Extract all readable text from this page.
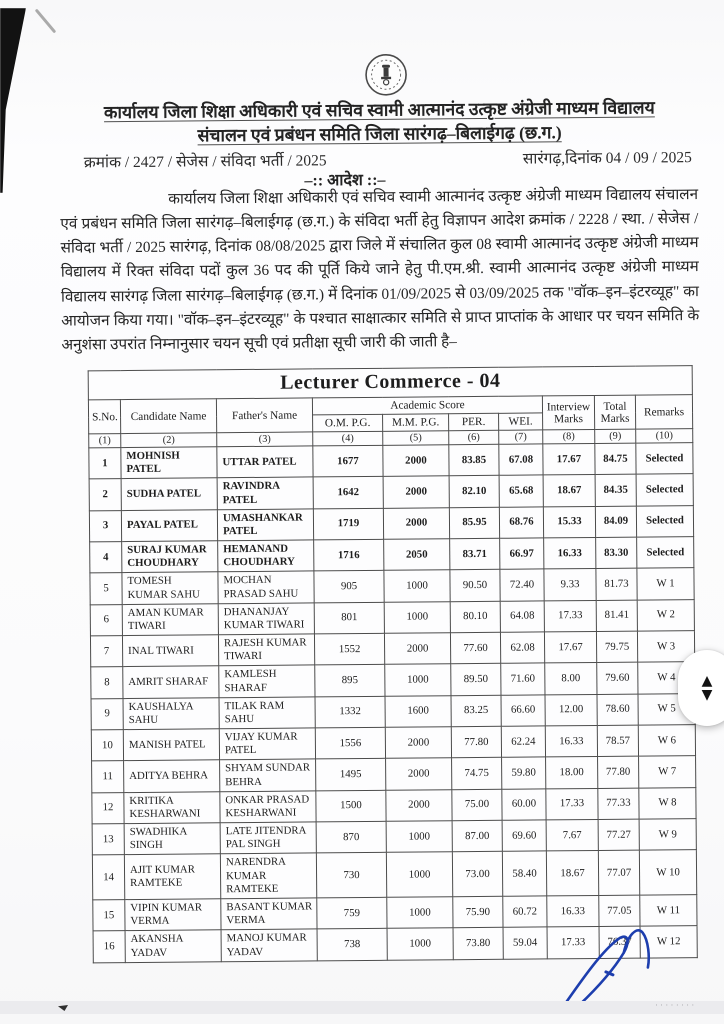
कार्यालय जिला शिक्षा अधिकारी एवं सचिव स्वामी आत्मानंद उत्कृष्ट अंग्रेजी माध्यम विद्यालय
संचालन एवं प्रबंधन समिति जिला सारंगढ़–बिलाईगढ़ (छ.ग.)
क्रमांक / 2427 / सेजेस / संविदा भर्ती / 2025	सारंगढ़,दिनांक 04 / 09 / 2025
–:: आदेश ::–
कार्यालय जिला शिक्षा अधिकारी एवं सचिव स्वामी आत्मानंद उत्कृष्ट अंग्रेजी माध्यम विद्यालय संचालन एवं प्रबंधन समिति जिला सारंगढ़–बिलाईगढ़ (छ.ग.) के संविदा भर्ती हेतु विज्ञापन आदेश क्रमांक / 2228 / स्था. / सेजेस / संविदा भर्ती / 2025 सारंगढ़, दिनांक 08/08/2025 द्वारा जिले में संचालित कुल 08 स्वामी आत्मानंद उत्कृष्ट अंग्रेजी माध्यम विद्यालय में रिक्त संविदा पदों कुल 36 पद की पूर्ति किये जाने हेतु पी.एम.श्री. स्वामी आत्मानंद उत्कृष्ट अंग्रेजी माध्यम विद्यालय सारंगढ़ जिला सारंगढ़–बिलाईगढ़ (छ.ग.) में दिनांक 01/09/2025 से 03/09/2025 तक "वॉक–इन–इंटरव्यूह" का आयोजन किया गया। "वॉक–इन–इंटरव्यूह" के पश्चात साक्षात्कार समिति से प्राप्त प्राप्तांक के आधार पर चयन समिति के अनुशंसा उपरांत निम्नानुसार चयन सूची एवं प्रतीक्षा सूची जारी की जाती है–
Lecturer Commerce - 04									
S.No.	Candidate Name	Father's Name	Academic Score				Interview Marks	Total Marks	Remarks
			O.M. P.G.	M.M. P.G.	PER.	WEI.			
(1)	(2)	(3)	(4)	(5)	(6)	(7)	(8)	(9)	(10)
1	MOHNISH PATEL	UTTAR PATEL	1677	2000	83.85	67.08	17.67	84.75	Selected
2	SUDHA PATEL	RAVINDRA PATEL	1642	2000	82.10	65.68	18.67	84.35	Selected
3	PAYAL PATEL	UMASHANKAR PATEL	1719	2000	85.95	68.76	15.33	84.09	Selected
4	SURAJ KUMAR CHOUDHARY	HEMANAND CHOUDHARY	1716	2050	83.71	66.97	16.33	83.30	Selected
5	TOMESH KUMAR SAHU	MOCHAN PRASAD SAHU	905	1000	90.50	72.40	9.33	81.73	W 1
6	AMAN KUMAR TIWARI	DHANANJAY KUMAR TIWARI	801	1000	80.10	64.08	17.33	81.41	W 2
7	INAL TIWARI	RAJESH KUMAR TIWARI	1552	2000	77.60	62.08	17.67	79.75	W 3
8	AMRIT SHARAF	KAMLESH SHARAF	895	1000	89.50	71.60	8.00	79.60	W 4
9	KAUSHALYA SAHU	TILAK RAM SAHU	1332	1600	83.25	66.60	12.00	78.60	W 5
10	MANISH PATEL	VIJAY KUMAR PATEL	1556	2000	77.80	62.24	16.33	78.57	W 6
11	ADITYA BEHRA	SHYAM SUNDAR BEHRA	1495	2000	74.75	59.80	18.00	77.80	W 7
12	KRITIKA KESHARWANI	ONKAR PRASAD KESHARWANI	1500	2000	75.00	60.00	17.33	77.33	W 8
13	SWADHIKA SINGH	LATE JITENDRA PAL SINGH	870	1000	87.00	69.60	7.67	77.27	W 9
14	AJIT KUMAR RAMTEKE	NARENDRA KUMAR RAMTEKE	730	1000	73.00	58.40	18.67	77.07	W 10
15	VIPIN KUMAR VERMA	BASANT KUMAR VERMA	759	1000	75.90	60.72	16.33	77.05	W 11
16	AKANSHA YADAV	MANOJ KUMAR YADAV	738	1000	73.80	59.04	17.33	76.37	W 12
''''''''
▲
▼
